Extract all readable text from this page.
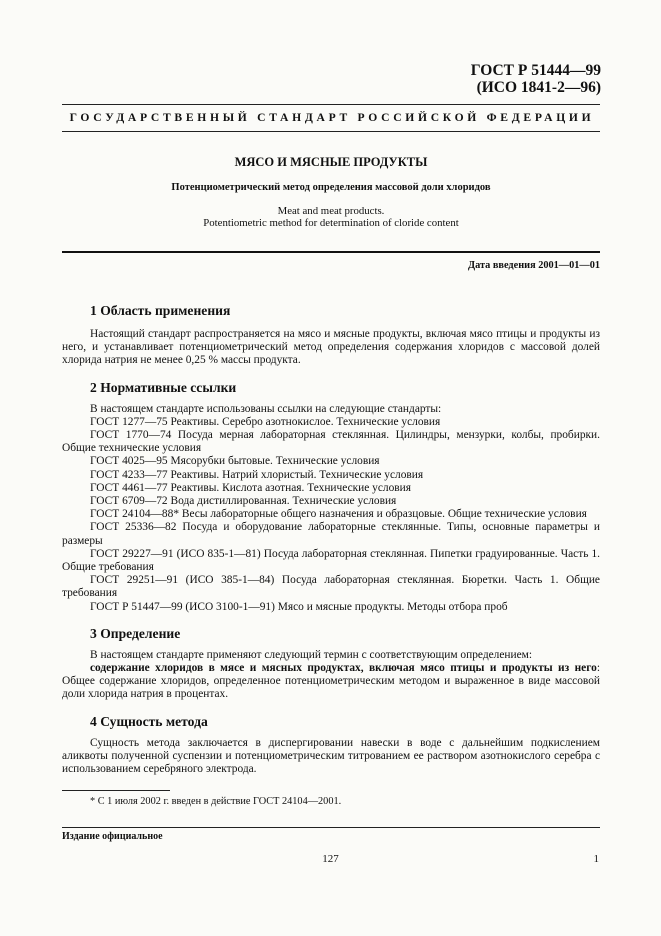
ГОСТ Р 51444—99
(ИСО 1841-2—96)
ГОСУДАРСТВЕННЫЙ СТАНДАРТ РОССИЙСКОЙ ФЕДЕРАЦИИ
МЯСО И МЯСНЫЕ ПРОДУКТЫ
Потенциометрический метод определения массовой доли хлоридов
Meat and meat products.
Potentiometric method for determination of cloride content
Дата введения 2001—01—01
1 Область применения

Настоящий стандарт распространяется на мясо и мясные продукты, включая мясо птицы и продукты из него, и устанавливает потенциометрический метод определения содержания хлоридов с массовой долей хлорида натрия не менее 0,25 % массы продукта.

2 Нормативные ссылки

В настоящем стандарте использованы ссылки на следующие стандарты:

ГОСТ 1277—75 Реактивы. Серебро азотнокислое. Технические условия

ГОСТ 1770—74 Посуда мерная лабораторная стеклянная. Цилиндры, мензурки, колбы, пробирки. Общие технические условия

ГОСТ 4025—95 Мясорубки бытовые. Технические условия

ГОСТ 4233—77 Реактивы. Натрий хлористый. Технические условия

ГОСТ 4461—77 Реактивы. Кислота азотная. Технические условия

ГОСТ 6709—72 Вода дистиллированная. Технические условия

ГОСТ 24104—88* Весы лабораторные общего назначения и образцовые. Общие технические условия

ГОСТ 25336—82 Посуда и оборудование лабораторные стеклянные. Типы, основные параметры и размеры

ГОСТ 29227—91 (ИСО 835-1—81) Посуда лабораторная стеклянная. Пипетки градуированные. Часть 1. Общие требования

ГОСТ 29251—91 (ИСО 385-1—84) Посуда лабораторная стеклянная. Бюретки. Часть 1. Общие требования

ГОСТ Р 51447—99 (ИСО 3100-1—91) Мясо и мясные продукты. Методы отбора проб

3 Определение

В настоящем стандарте применяют следующий термин с соответствующим определением:

содержание хлоридов в мясе и мясных продуктах, включая мясо птицы и продукты из него: Общее содержание хлоридов, определенное потенциометрическим методом и выраженное в виде массовой доли хлорида натрия в процентах.

4 Сущность метода

Сущность метода заключается в диспергировании навески в воде с дальнейшим подкислением аликвоты полученной суспензии и потенциометрическим титрованием ее раствором азотнокислого серебра с использованием серебряного электрода.

* С 1 июля 2002 г. введен в действие ГОСТ 24104—2001.
Издание официальное
127	1
